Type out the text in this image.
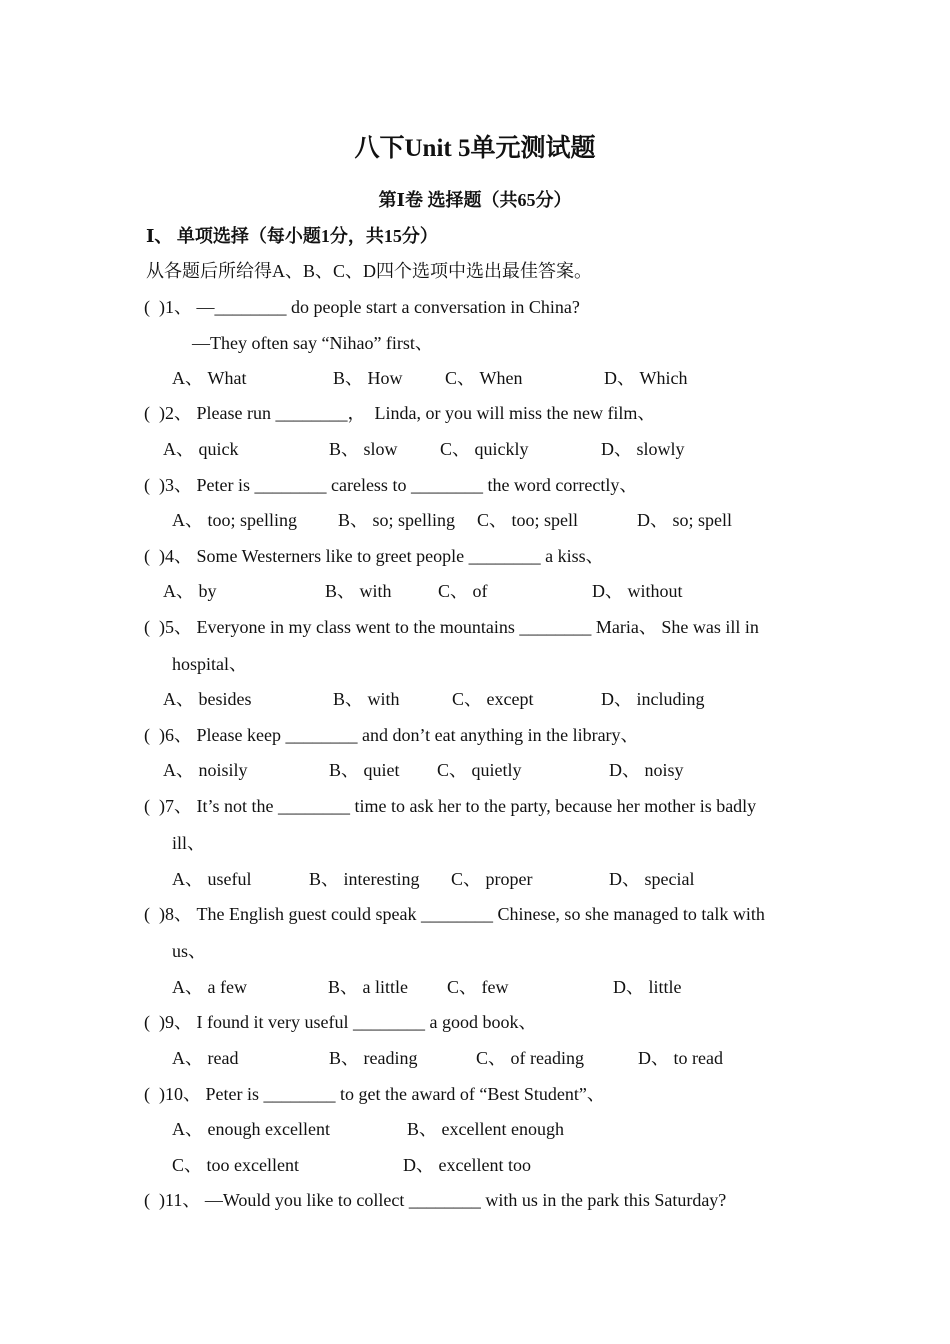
八下Unit 5单元测试题
第Ⅰ卷 选择题（共65分）
Ⅰ、 单项选择（每小题1分，共15分）
从各题后所给得A、B、C、D四个选项中选出最佳答案。
(  )1、 —________ do people start a conversation in China?
—They often say “Nihao” first、
A、 What	B、 How C、 When	D、 Which
(  )2、 Please run ________，  Linda, or you will miss the new film、
A、 quick	B、 slow C、 quickly	D、 slowly
(  )3、 Peter is ________ careless to ________ the word correctly、
A、 too; spelling B、 so; spelling C、 too; spell	D、 so; spell
(  )4、 Some Westerners like to greet people ________ a kiss、
A、 by	B、 with	C、 of	D、 without
(  )5、 Everyone in my class went to the mountains ________ Maria、 She was ill in
hospital、
A、 besides	B、 with	C、 except	D、 including
(  )6、 Please keep ________ and don’t eat anything in the library、
A、 noisily	B、 quiet C、 quietly	D、 noisy
(  )7、 It’s not the ________ time to ask her to the party, because her mother is badly
ill、
A、 useful	B、 interesting C、 proper	D、 special
(  )8、 The English guest could speak ________ Chinese, so she managed to talk with
us、
A、 a few	B、 a little C、 few	D、 little
(  )9、 I found it very useful ________ a good book、
A、 read	B、 reading	C、 of reading	D、 to read
(  )10、 Peter is ________ to get the award of “Best Student”、
A、 enough excellent	B、 excellent enough
C、 too excellent	D、 excellent too
(  )11、 —Would you like to collect ________ with us in the park this Saturday?
